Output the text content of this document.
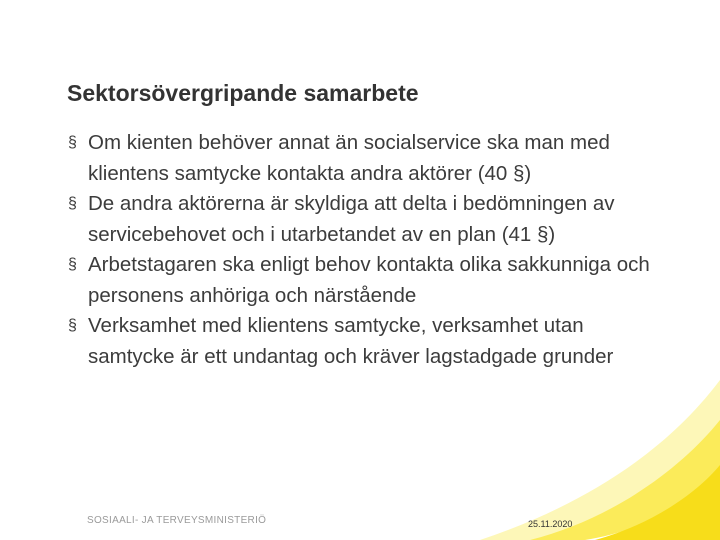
Sektorsövergripande samarbete
§ Om kienten behöver annat än socialservice ska man med klientens samtycke kontakta andra aktörer (40 §)
§ De andra aktörerna är skyldiga att delta i bedömningen av servicebehovet och i utarbetandet av en plan (41 §)
§ Arbetstagaren ska enligt behov kontakta olika sakkunniga och personens anhöriga och närstående
§ Verksamhet med klientens samtycke, verksamhet utan samtycke är ett undantag och kräver lagstadgade grunder
SOSIAALI- JA TERVEYSMINISTERIÖ	25.11.2020
